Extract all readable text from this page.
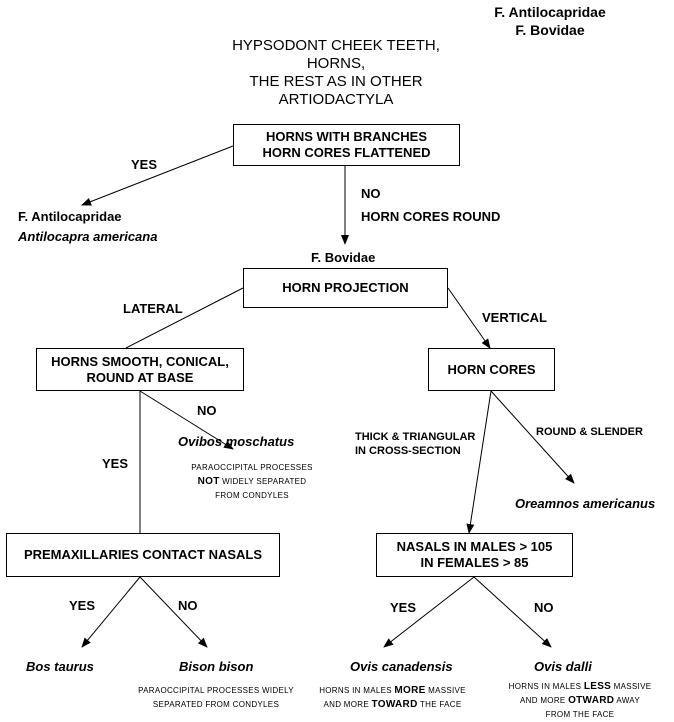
F. Antilocapridae
F. Bovidae
HYPSODONT CHEEK TEETH,
HORNS,
THE REST AS IN OTHER
ARTIODACTYLA
HORNS WITH BRANCHES
HORN CORES FLATTENED
HORN PROJECTION
HORNS SMOOTH, CONICAL,
ROUND AT BASE
HORN CORES
PREMAXILLARIES CONTACT NASALS
NASALS IN MALES > 105
IN FEMALES > 85
YES
NO
HORN CORES ROUND
LATERAL
VERTICAL
NO
YES
THICK & TRIANGULAR
IN CROSS-SECTION
ROUND & SLENDER
YES	NO	YES	NO
F. Antilocapridae
Antilocapra americana
F. Bovidae
Ovibos moschatus
Oreamnos americanus
Bos taurus	Bison bison	Ovis canadensis	Ovis dalli
PARAOCCIPITAL PROCESSES
NOT WIDELY SEPARATED
FROM CONDYLES
PARAOCCIPITAL PROCESSES WIDELY
SEPARATED FROM CONDYLES
HORNS IN MALES MORE MASSIVE
AND MORE TOWARD THE FACE
HORNS IN MALES LESS MASSIVE
AND MORE OTWARD AWAY
FROM THE FACE
